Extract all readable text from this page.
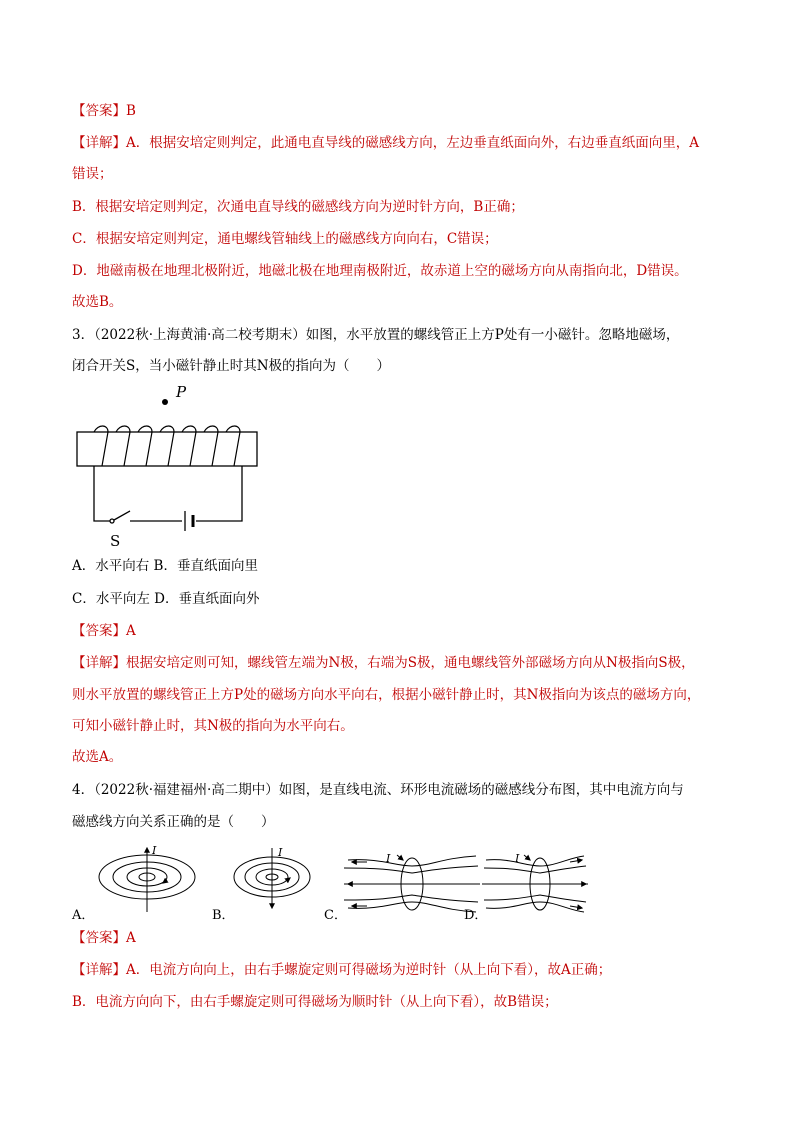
【答案】B
【详解】A．根据安培定则判定，此通电直导线的磁感线方向，左边垂直纸面向外，右边垂直纸面向里，A
错误；
B．根据安培定则判定，次通电直导线的磁感线方向为逆时针方向，B正确；
C．根据安培定则判定，通电螺线管轴线上的磁感线方向向右，C错误；
D．地磁南极在地理北极附近，地磁北极在地理南极附近，故赤道上空的磁场方向从南指向北，D错误。
故选B。
3．（2022秋·上海黄浦·高二校考期末）如图，水平放置的螺线管正上方P处有一小磁针。忽略地磁场，
闭合开关S，当小磁针静止时其N极的指向为（　　）
P
S
A．水平向右 B．垂直纸面向里
C．水平向左 D．垂直纸面向外
【答案】A
【详解】根据安培定则可知，螺线管左端为N极，右端为S极，通电螺线管外部磁场方向从N极指向S极，
则水平放置的螺线管正上方P处的磁场方向水平向右，根据小磁针静止时，其N极指向为该点的磁场方向，
可知小磁针静止时，其N极的指向为水平向右。
故选A。
4．（2022秋·福建福州·高二期中）如图，是直线电流、环形电流磁场的磁感线分布图，其中电流方向与
磁感线方向关系正确的是（　　）
I	I	I	I
A．	B．	C．	D．
【答案】A
【详解】A．电流方向向上，由右手螺旋定则可得磁场为逆时针（从上向下看），故A正确；
B．电流方向向下，由右手螺旋定则可得磁场为顺时针（从上向下看），故B错误；
